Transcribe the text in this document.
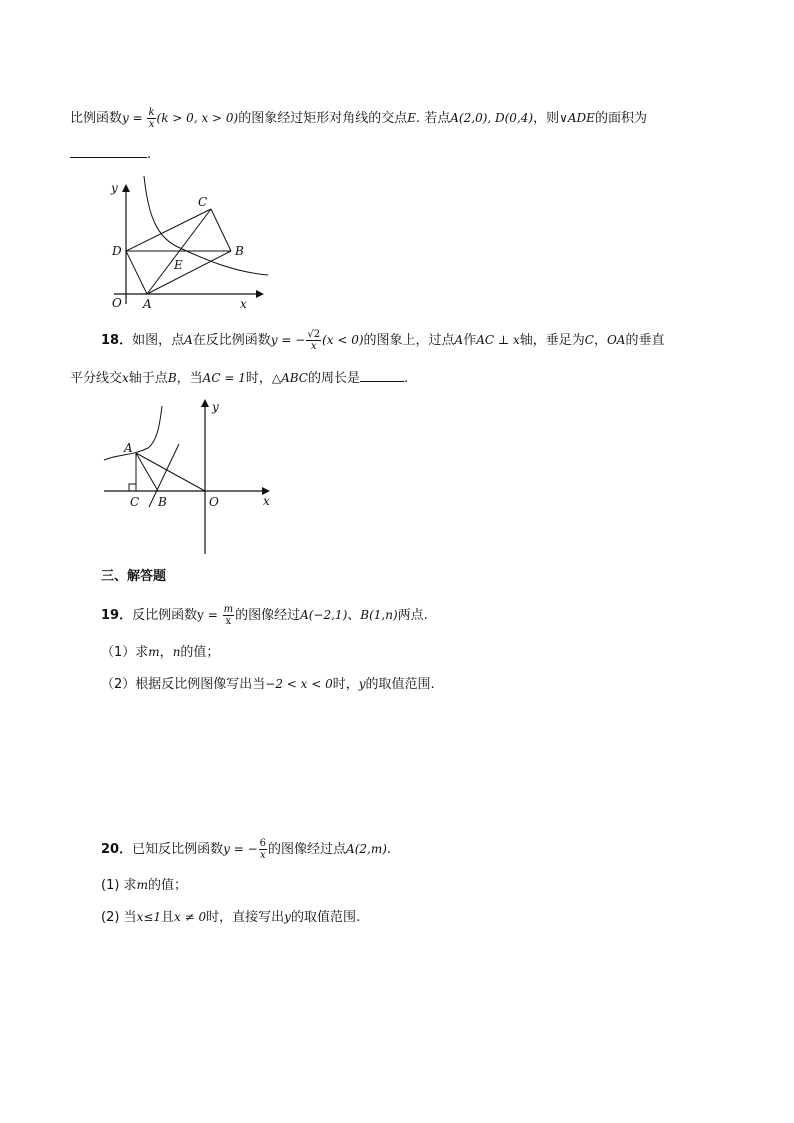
比例函数$y = \frac{k}{x} (k > 0$, x > 0)的图象经过矩形对角线的交点E. 若点A(2,0), D(0,4)，则∨ADE的面积为
.
y
C
D	B
E
O A	x
18．如图，点A在反比例函数y = − $\frac{√2}{x} (x < 0)$的图象上，过点A作AC ⊥ x轴，垂足为C，OA的垂直
平分线交x轴于点B，当AC = 1时，△ABC的周长是	.
y
A
C B	O	x
三、解答题
19．反比例函数$y = \frac{m}{x}$ 的图像经过A(−2,1)、B(1,n)两点.
（1）求m，n的值；
（2）根据反比例图像写出当−2 < x < 0时，y的取值范围.
20．已知反比例函数y = − $\frac{6}{x}$ 的图像经过点A(2,m).
(1) 求m的值；
(2) 当x≤1且x ≠ 0时，直接写出y的取值范围.
